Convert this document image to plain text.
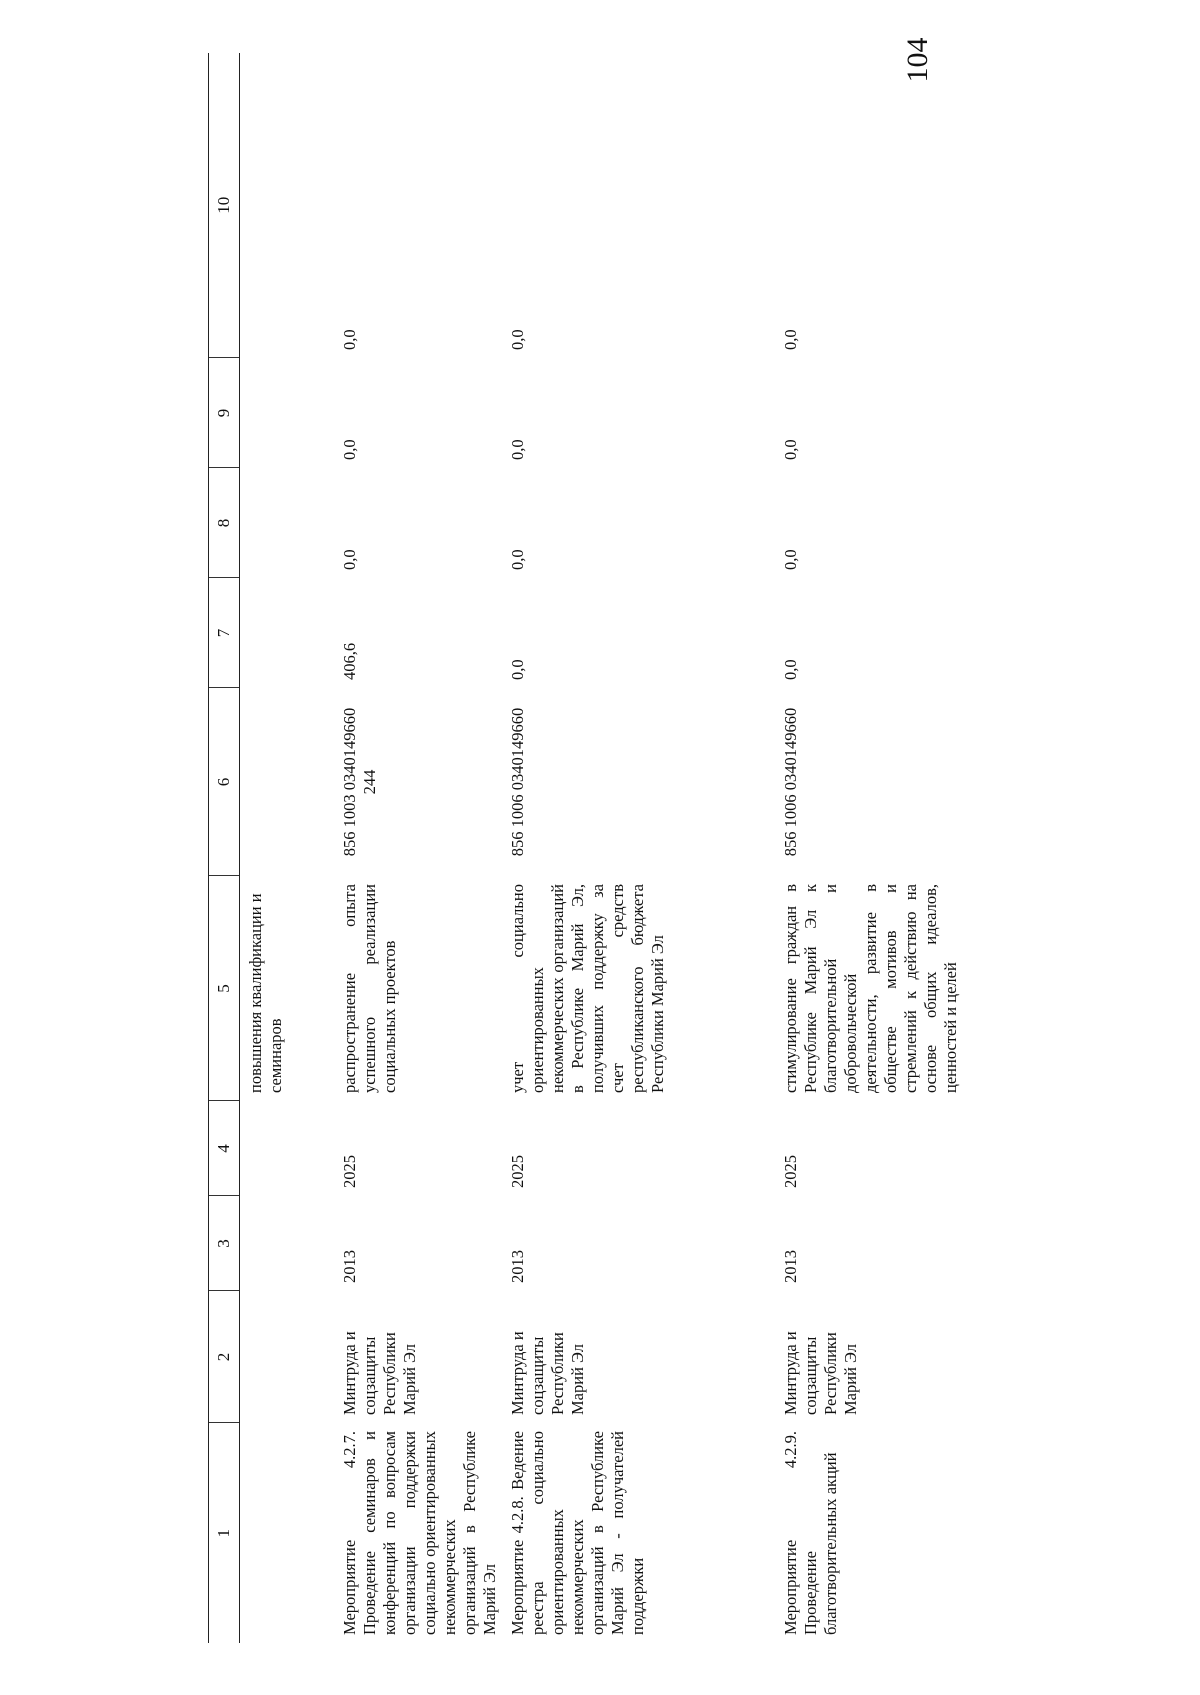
104
1	2	3	4	5	6	7	8	9	10
				повышения квалификации и семинаров					
Мероприятие 4.2.7. Проведение семинаров и конференций по вопросам организации поддержки социально ориентированных некоммерческих организаций в Республике Марий Эл	Минтруда и соцзащиты Республики Марий Эл	2013	2025	распространение опыта успешного реализации социальных проектов	856 1003 0340149660 244	406,6	0,0	0,0	0,0
Мероприятие 4.2.8. Ведение реестра социально ориентированных некоммерческих организаций в Республике Марий Эл - получателей поддержки	Минтруда и соцзащиты Республики Марий Эл	2013	2025	учет социально ориентированных некоммерческих организаций в Республике Марий Эл, получивших поддержку за счет средств республиканского бюджета Республики Марий Эл	856 1006 0340149660	0,0	0,0	0,0	0,0
Мероприятие 4.2.9. Проведение благотворительных акций	Минтруда и соцзащиты Республики Марий Эл	2013	2025	стимулирование граждан в Республике Марий Эл к благотворительной и добровольческой деятельности, развитие в обществе мотивов и стремлений к действию на основе общих идеалов, ценностей и целей	856 1006 0340149660	0,0	0,0	0,0	0,0
